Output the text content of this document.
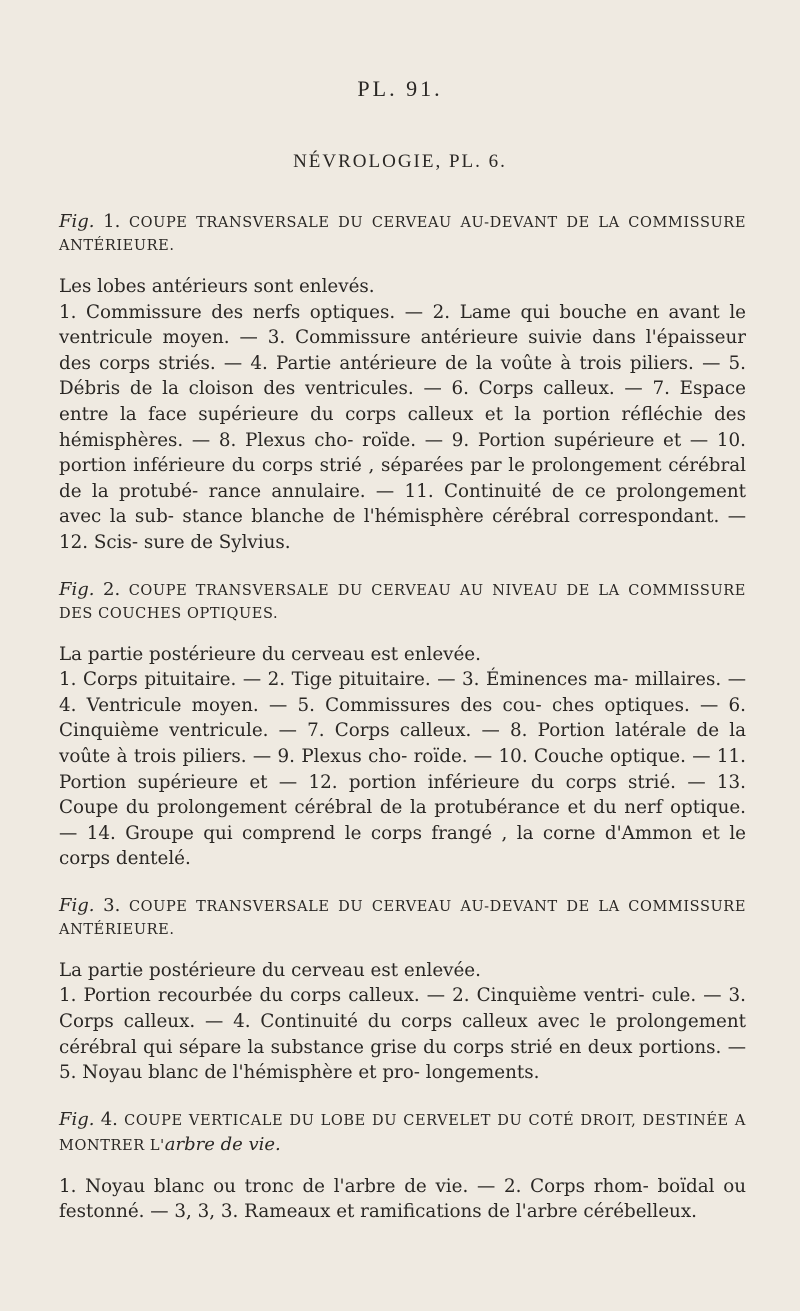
PL. 91.
NÉVROLOGIE, PL. 6.

Fig. 1. COUPE TRANSVERSALE DU CERVEAU AU-DEVANT DE LA COMMISSURE ANTÉRIEURE.

Les lobes antérieurs sont enlevés.

1. Commissure des nerfs optiques. — 2. Lame qui bouche en avant le ventricule moyen. — 3. Commissure antérieure suivie dans l'épaisseur des corps striés. — 4. Partie antérieure de la voûte à trois piliers. — 5. Débris de la cloison des ventricules. — 6. Corps calleux. — 7. Espace entre la face supérieure du corps calleux et la portion réfléchie des hémisphères. — 8. Plexus cho- roïde. — 9. Portion supérieure et — 10. portion inférieure du corps strié , séparées par le prolongement cérébral de la protubé- rance annulaire. — 11. Continuité de ce prolongement avec la sub- stance blanche de l'hémisphère cérébral correspondant. — 12. Scis- sure de Sylvius.

Fig. 2. COUPE TRANSVERSALE DU CERVEAU AU NIVEAU DE LA COMMISSURE DES COUCHES OPTIQUES.

La partie postérieure du cerveau est enlevée.

1. Corps pituitaire. — 2. Tige pituitaire. — 3. Éminences ma- millaires. — 4. Ventricule moyen. — 5. Commissures des cou- ches optiques. — 6. Cinquième ventricule. — 7. Corps calleux. — 8. Portion latérale de la voûte à trois piliers. — 9. Plexus cho- roïde. — 10. Couche optique. — 11. Portion supérieure et — 12. portion inférieure du corps strié. — 13. Coupe du prolongement cérébral de la protubérance et du nerf optique. — 14. Groupe qui comprend le corps frangé , la corne d'Ammon et le corps dentelé.

Fig. 3. COUPE TRANSVERSALE DU CERVEAU AU-DEVANT DE LA COMMISSURE ANTÉRIEURE.

La partie postérieure du cerveau est enlevée.

1. Portion recourbée du corps calleux. — 2. Cinquième ventri- cule. — 3. Corps calleux. — 4. Continuité du corps calleux avec le prolongement cérébral qui sépare la substance grise du corps strié en deux portions. — 5. Noyau blanc de l'hémisphère et pro- longements.

Fig. 4. COUPE VERTICALE DU LOBE DU CERVELET DU COTÉ DROIT, DESTINÉE A MONTRER L'arbre de vie.

1. Noyau blanc ou tronc de l'arbre de vie. — 2. Corps rhom- boïdal ou festonné. — 3, 3, 3. Rameaux et ramifications de l'arbre cérébelleux.
